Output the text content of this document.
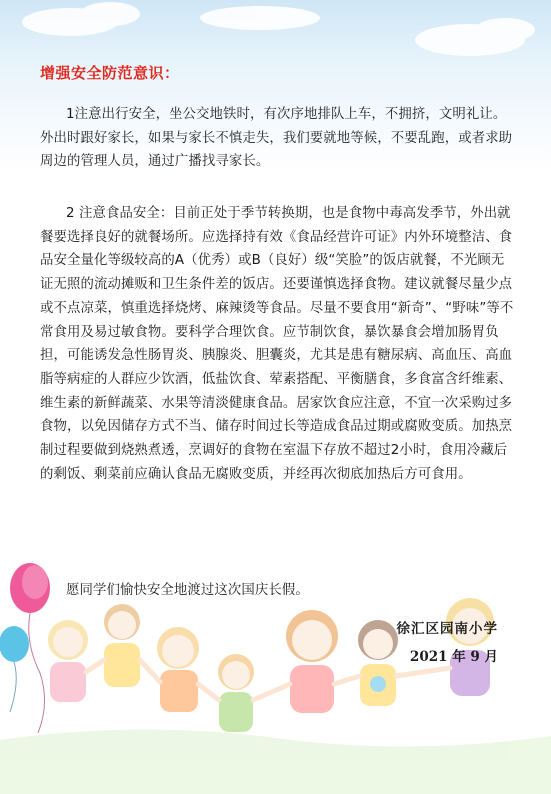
增强安全防范意识：

1注意出行安全，坐公交地铁时，有次序地排队上车，不拥挤，文明礼让。外出时跟好家长，如果与家长不慎走失，我们要就地等候，不要乱跑，或者求助周边的管理人员，通过广播找寻家长。

2 注意食品安全：目前正处于季节转换期，也是食物中毒高发季节，外出就餐要选择良好的就餐场所。应选择持有效《食品经营许可证》内外环境整洁、食品安全量化等级较高的A（优秀）或B（良好）级“笑脸”的饭店就餐，不光顾无证无照的流动摊贩和卫生条件差的饭店。还要谨慎选择食物。建议就餐尽量少点或不点凉菜，慎重选择烧烤、麻辣烫等食品。尽量不要食用“新奇”、“野味”等不常食用及易过敏食物。要科学合理饮食。应节制饮食，暴饮暴食会增加肠胃负担，可能诱发急性肠胃炎、胰腺炎、胆囊炎，尤其是患有糖尿病、高血压、高血脂等病症的人群应少饮酒，低盐饮食、荤素搭配、平衡膳食，多食富含纤维素、维生素的新鲜蔬菜、水果等清淡健康食品。居家饮食应注意，不宜一次采购过多食物，以免因储存方式不当、储存时间过长等造成食品过期或腐败变质。加热烹制过程要做到烧熟煮透，烹调好的食物在室温下存放不超过2小时，食用冷藏后的剩饭、剩菜前应确认食品无腐败变质，并经再次彻底加热后方可食用。

愿同学们愉快安全地渡过这次国庆长假。

徐汇区园南小学
2021 年 9 月
